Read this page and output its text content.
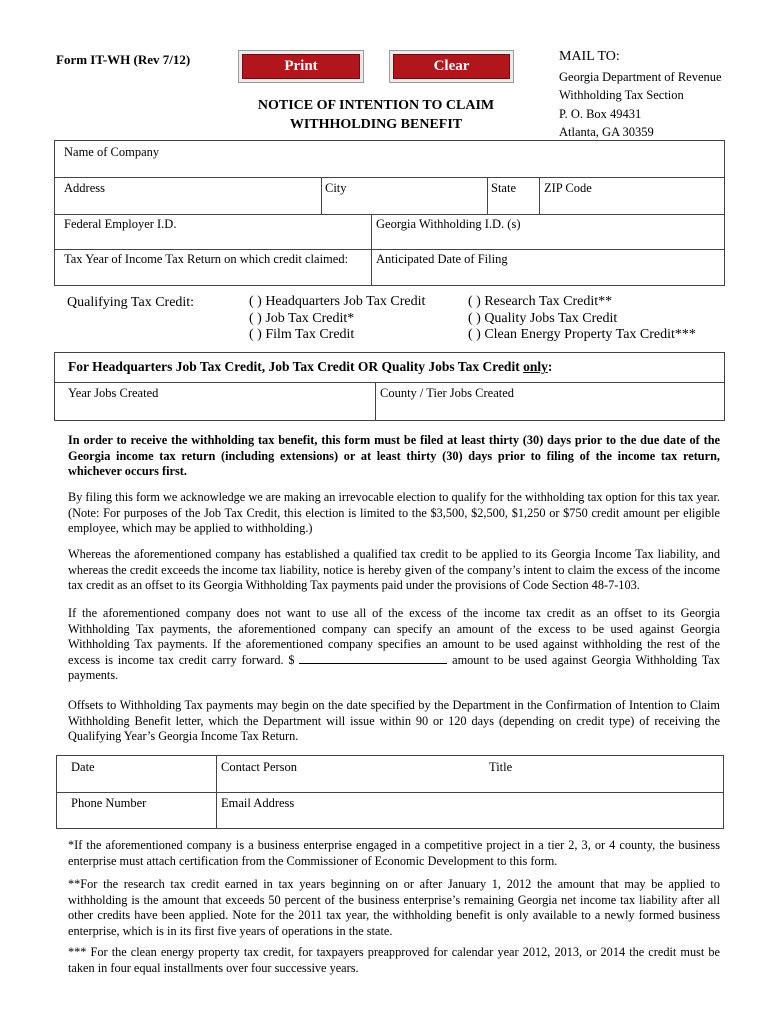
Form IT-WH (Rev 7/12)	Print	Clear
MAIL TO:
Georgia Department of Revenue
Withholding Tax Section
P. O. Box 49431
Atlanta, GA 30359
NOTICE OF INTENTION TO CLAIM
WITHHOLDING BENEFIT
Name of Company
Address	City	State ZIP Code
Federal Employer I.D.	Georgia Withholding I.D. (s)
Tax Year of Income Tax Return on which credit claimed: Anticipated Date of Filing
Qualifying Tax Credit:	( ) Headquarters Job Tax Credit
( ) Job Tax Credit*
( ) Film Tax Credit
( ) Research Tax Credit**
( ) Quality Jobs Tax Credit
( ) Clean Energy Property Tax Credit***
For Headquarters Job Tax Credit, Job Tax Credit OR Quality Jobs Tax Credit only:
Year Jobs Created	County / Tier Jobs Created
In order to receive the withholding tax benefit, this form must be filed at least thirty (30) days prior to the due date of the Georgia income tax return (including extensions) or at least thirty (30) days prior to filing of the income tax return, whichever occurs first.
By filing this form we acknowledge we are making an irrevocable election to qualify for the withholding tax option for this tax year. (Note: For purposes of the Job Tax Credit, this election is limited to the $3,500, $2,500, $1,250 or $750 credit amount per eligible employee, which may be applied to withholding.)
Whereas the aforementioned company has established a qualified tax credit to be applied to its Georgia Income Tax liability, and whereas the credit exceeds the income tax liability, notice is hereby given of the company’s intent to claim the excess of the income tax credit as an offset to its Georgia Withholding Tax payments paid under the provisions of Code Section 48-7-103.
If the aforementioned company does not want to use all of the excess of the income tax credit as an offset to its Georgia Withholding Tax payments, the aforementioned company can specify an amount of the excess to be used against Georgia Withholding Tax payments. If the aforementioned company specifies an amount to be used against withholding the rest of the excess is income tax credit carry forward. $	amount to be used against Georgia Withholding Tax payments.
Offsets to Withholding Tax payments may begin on the date specified by the Department in the Confirmation of Intention to Claim Withholding Benefit letter, which the Department will issue within 90 or 120 days (depending on credit type) of receiving the Qualifying Year’s Georgia Income Tax Return.
Date	Contact Person	Title
Phone Number	Email Address
*If the aforementioned company is a business enterprise engaged in a competitive project in a tier 2, 3, or 4 county, the business enterprise must attach certification from the Commissioner of Economic Development to this form.
**For the research tax credit earned in tax years beginning on or after January 1, 2012 the amount that may be applied to withholding is the amount that exceeds 50 percent of the business enterprise’s remaining Georgia net income tax liability after all other credits have been applied. Note for the 2011 tax year, the withholding benefit is only available to a newly formed business enterprise, which is in its first five years of operations in the state.
*** For the clean energy property tax credit, for taxpayers preapproved for calendar year 2012, 2013, or 2014 the credit must be taken in four equal installments over four successive years.
